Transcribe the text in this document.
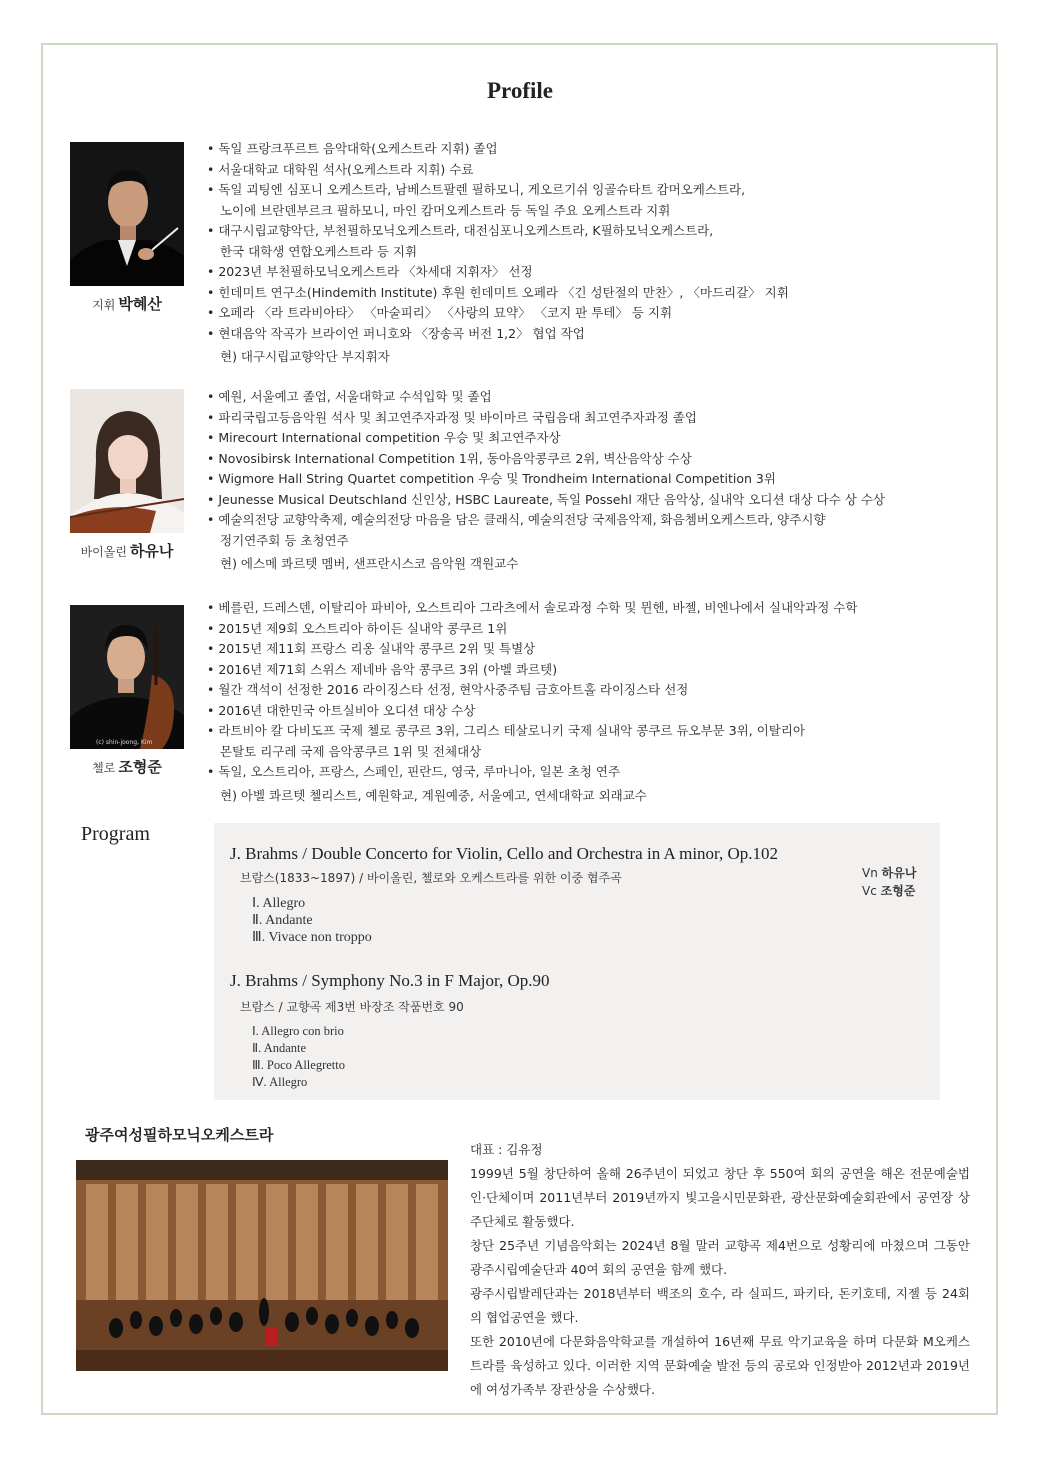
Profile
지휘 박혜산
• 독일 프랑크푸르트 음악대학(오케스트라 지휘) 졸업
• 서울대학교 대학원 석사(오케스트라 지휘) 수료
• 독일 괴팅엔 심포니 오케스트라, 남베스트팔렌 필하모니, 게오르기쉬 잉골슈타트 캄머오케스트라,
노이에 브란덴부르크 필하모니, 마인 캄머오케스트라 등 독일 주요 오케스트라 지휘
• 대구시립교향악단, 부천필하모닉오케스트라, 대전심포니오케스트라, K필하모닉오케스트라,
한국 대학생 연합오케스트라 등 지휘
• 2023년 부천필하모닉오케스트라 〈차세대 지휘자〉 선정
• 힌데미트 연구소(Hindemith Institute) 후원 힌데미트 오페라 〈긴 성탄절의 만찬〉, 〈마드리갈〉 지휘
• 오페라 〈라 트라비아타〉 〈마술피리〉 〈사랑의 묘약〉 〈코지 판 투테〉 등 지휘
• 현대음악 작곡가 브라이언 퍼니호와 〈장송곡 버전 1,2〉 협업 작업
현) 대구시립교향악단 부지휘자
바이올린 하유나
• 예원, 서울예고 졸업, 서울대학교 수석입학 및 졸업
• 파리국립고등음악원 석사 및 최고연주자과정 및 바이마르 국립음대 최고연주자과정 졸업
• Mirecourt International competition 우승 및 최고연주자상
• Novosibirsk International Competition 1위, 동아음악콩쿠르 2위, 벽산음악상 수상
• Wigmore Hall String Quartet competition 우승 및 Trondheim International Competition 3위
• Jeunesse Musical Deutschland 신인상, HSBC Laureate, 독일 Possehl 재단 음악상, 실내악 오디션 대상 다수 상 수상
• 예술의전당 교향악축제, 예술의전당 마음을 담은 클래식, 예술의전당 국제음악제, 화음쳄버오케스트라, 양주시향
정기연주회 등 초청연주
현) 에스메 콰르텟 멤버, 샌프란시스코 음악원 객원교수
(c) shin-joong, Kim
첼로 조형준
• 베를린, 드레스덴, 이탈리아 파비아, 오스트리아 그라츠에서 솔로과정 수학 및 뮌헨, 바젤, 비엔나에서 실내악과정 수학
• 2015년 제9회 오스트리아 하이든 실내악 콩쿠르 1위
• 2015년 제11회 프랑스 리옹 실내악 콩쿠르 2위 및 특별상
• 2016년 제71회 스위스 제네바 음악 콩쿠르 3위 (아벨 콰르텟)
• 월간 객석이 선정한 2016 라이징스타 선정, 현악사중주팀 금호아트홀 라이징스타 선정
• 2016년 대한민국 아트실비아 오디션 대상 수상
• 라트비아 칼 다비도프 국제 첼로 콩쿠르 3위, 그리스 테살로니키 국제 실내악 콩쿠르 듀오부문 3위, 이탈리아
몬탈토 리구레 국제 음악콩쿠르 1위 및 전체대상
• 독일, 오스트리아, 프랑스, 스페인, 핀란드, 영국, 루마니아, 일본 초청 연주
현) 아벨 콰르텟 첼리스트, 예원학교, 계원예중, 서울예고, 연세대학교 외래교수
Program
J. Brahms / Double Concerto for Violin, Cello and Orchestra in A minor, Op.102
브람스(1833~1897) / 바이올린, 첼로와 오케스트라를 위한 이중 협주곡
Ⅰ. Allegro
Ⅱ. Andante
Ⅲ. Vivace non troppo
Vn 하유나
Vc 조형준
J. Brahms / Symphony No.3 in F Major, Op.90
브람스 / 교향곡 제3번 바장조 작품번호 90
Ⅰ. Allegro con brio
Ⅱ. Andante
Ⅲ. Poco Allegretto
Ⅳ. Allegro
광주여성필하모닉오케스트라

대표 : 김유정

1999년 5월 창단하여 올해 26주년이 되었고 창단 후 550여 회의 공연을 해온 전문예술법인·단체이며 2011년부터 2019년까지 빛고을시민문화관, 광산문화예술회관에서 공연장 상주단체로 활동했다.

창단 25주년 기념음악회는 2024년 8월 말러 교향곡 제4번으로 성황리에 마쳤으며 그동안 광주시립예술단과 40여 회의 공연을 함께 했다.

광주시립발레단과는 2018년부터 백조의 호수, 라 실피드, 파키타, 돈키호테, 지젤 등 24회의 협업공연을 했다.

또한 2010년에 다문화음악학교를 개설하여 16년째 무료 악기교육을 하며 다문화 M오케스트라를 육성하고 있다. 이러한 지역 문화예술 발전 등의 공로와 인정받아 2012년과 2019년에 여성가족부 장관상을 수상했다.
